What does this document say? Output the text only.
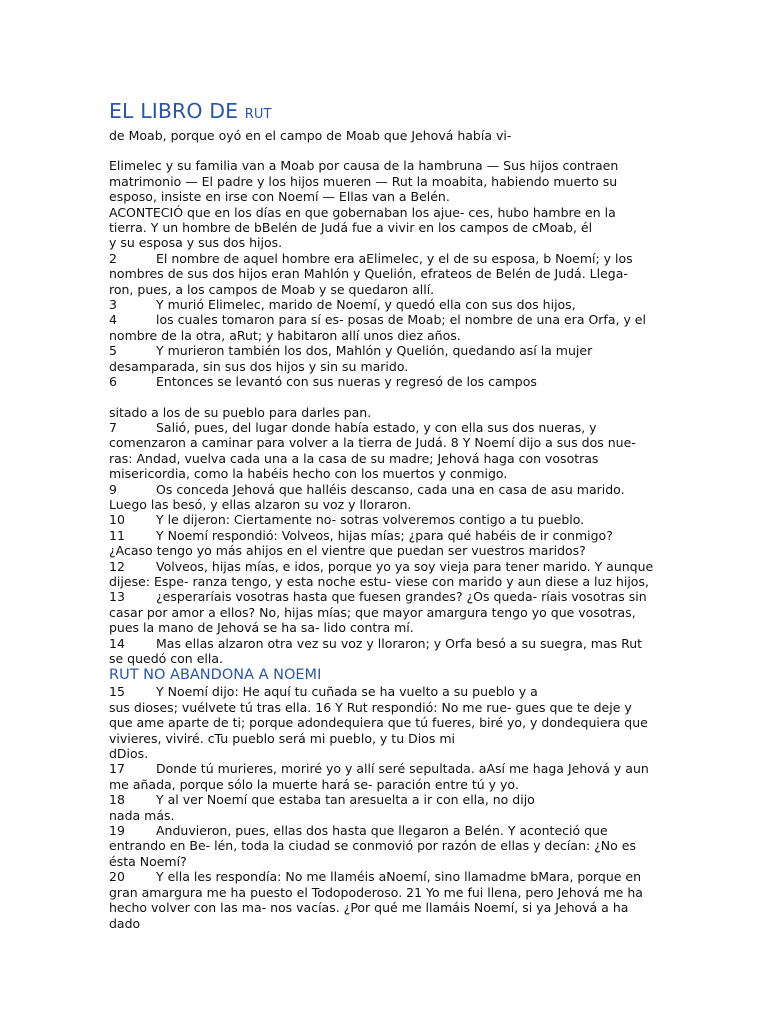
EL LIBRO DE RUT

de Moab, porque oyó en el campo de Moab que Jehová había vi-

Elimelec y su familia van a Moab por causa de la hambruna — Sus hijos contraen

matrimonio — El padre y los hijos mueren — Rut la moabita, habiendo muerto su

esposo, insiste en irse con Noemí — Ellas van a Belén.

ACONTECIÓ que en los días en que gobernaban los ajue- ces, hubo hambre en la

tierra. Y un hombre de bBelén de Judá fue a vivir en los campos de cMoab, él

y su esposa y sus dos hijos.

2	El nombre de aquel hombre era aElimelec, y el de su esposa, b Noemí; y los

nombres de sus dos hijos eran Mahlón y Quelión, efrateos de Belén de Judá. Llega-

ron, pues, a los campos de Moab y se quedaron allí.

3	Y murió Elimelec, marido de Noemí, y quedó ella con sus dos hijos,

4	los cuales tomaron para sí es- posas de Moab; el nombre de una era Orfa, y el

nombre de la otra, aRut; y habitaron allí unos diez años.

5	Y murieron también los dos, Mahlón y Quelión, quedando así la mujer

desamparada, sin sus dos hijos y sin su marido.

6	Entonces se levantó con sus nueras y regresó de los campos

sitado a los de su pueblo para darles pan.

7	Salió, pues, del lugar donde había estado, y con ella sus dos nueras, y

comenzaron a caminar para volver a la tierra de Judá. 8 Y Noemí dijo a sus dos nue-

ras: Andad, vuelva cada una a la casa de su madre; Jehová haga con vosotras

misericordia, como la habéis hecho con los muertos y conmigo.

9	Os conceda Jehová que halléis descanso, cada una en casa de asu marido.

Luego las besó, y ellas alzaron su voz y lloraron.

10 Y le dijeron: Ciertamente no- sotras volveremos contigo a tu pueblo.

11 Y Noemí respondió: Volveos, hijas mías; ¿para qué habéis de ir conmigo?

¿Acaso tengo yo más ahijos en el vientre que puedan ser vuestros maridos?

12 Volveos, hijas mías, e idos, porque yo ya soy vieja para tener marido. Y aunque

dijese: Espe- ranza tengo, y esta noche estu- viese con marido y aun diese a luz hijos,

13 ¿esperaríais vosotras hasta que fuesen grandes? ¿Os queda- ríais vosotras sin

casar por amor a ellos? No, hijas mías; que mayor amargura tengo yo que vosotras,

pues la mano de Jehová se ha sa- lido contra mí.

14 Mas ellas alzaron otra vez su voz y lloraron; y Orfa besó a su suegra, mas Rut

se quedó con ella.

RUT NO ABANDONA A NOEMI

15 Y Noemí dijo: He aquí tu cuñada se ha vuelto a su pueblo y a

sus dioses; vuélvete tú tras ella. 16 Y Rut respondió: No me rue- gues que te deje y

que ame aparte de ti; porque adondequiera que tú fueres, biré yo, y dondequiera que

vivieres, viviré. cTu pueblo será mi pueblo, y tu Dios mi

dDios.

17 Donde tú murieres, moriré yo y allí seré sepultada. aAsí me haga Jehová y aun

me añada, porque sólo la muerte hará se- paración entre tú y yo.

18 Y al ver Noemí que estaba tan aresuelta a ir con ella, no dijo

nada más.

19 Anduvieron, pues, ellas dos hasta que llegaron a Belén. Y aconteció que

entrando en Be- lén, toda la ciudad se conmovió por razón de ellas y decían: ¿No es

ésta Noemí?

20 Y ella les respondía: No me llaméis aNoemí, sino llamadme bMara, porque en

gran amargura me ha puesto el Todopoderoso. 21 Yo me fui llena, pero Jehová me ha

hecho volver con las ma- nos vacías. ¿Por qué me llamáis Noemí, si ya Jehová a ha

dado
